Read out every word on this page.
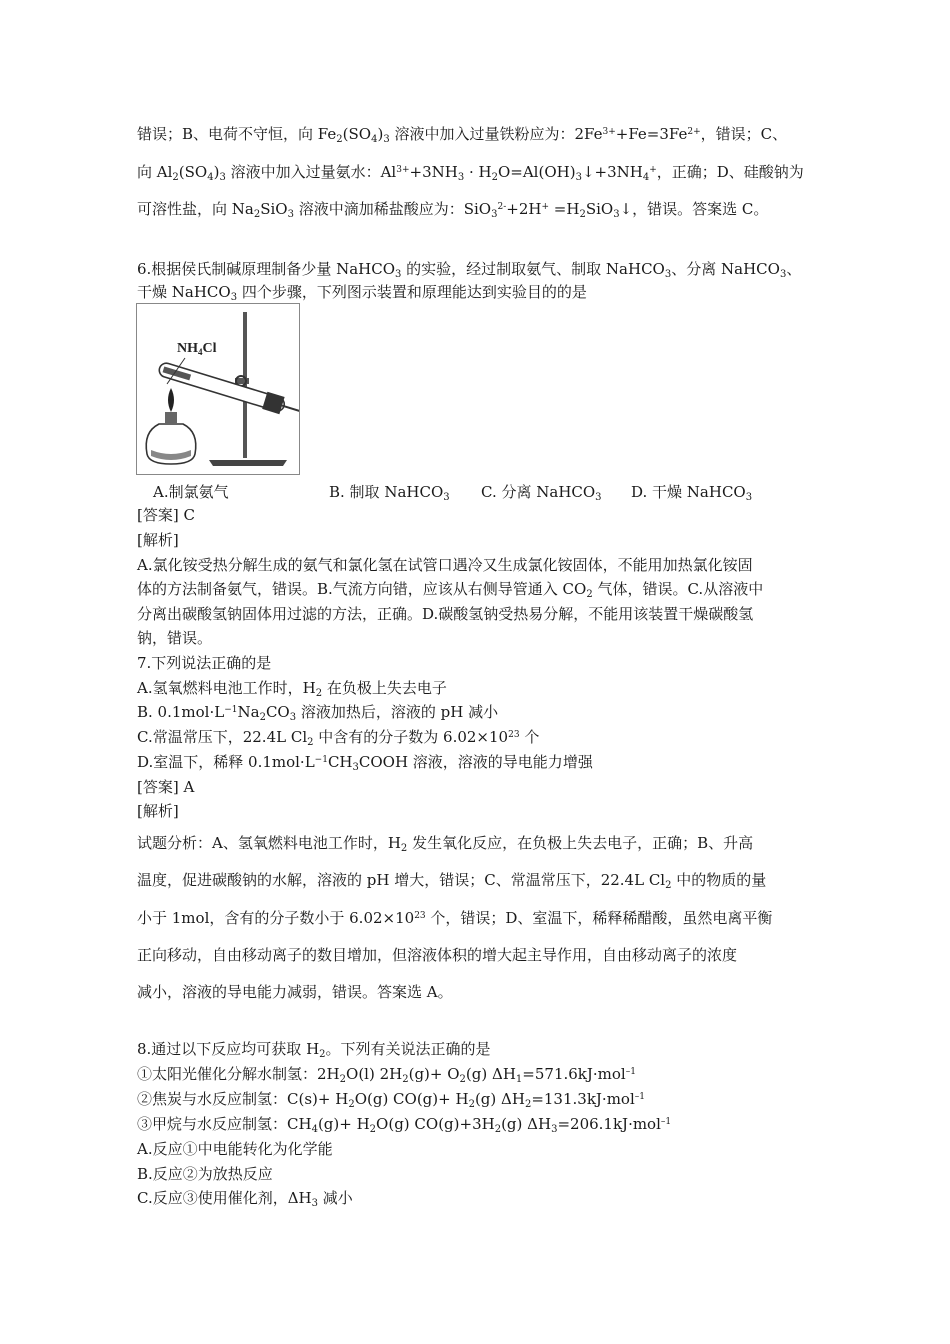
错误；B、电荷不守恒，向 $Fe_2(SO_4)_3$ 溶液中加入过量铁粉应为：$2Fe^{3+}+Fe=3Fe^{2+}$，错误；C、
向 $Al_2(SO_4)_3$ 溶液中加入过量氨水：$Al^{3+}+3NH_3$ · $H_2O=Al(OH)_3↓+3NH_4^+$，正确；D、硅酸钠为
可溶性盐，向 $Na_2SiO_3$ 溶液中滴加稀盐酸应为：$SiO_3^{2-}+2H^+ =H_2SiO_3↓$，错误。答案选 C。
6.根据侯氏制碱原理制备少量 NaHCO$_3$ 的实验，经过制取氨气、制取 NaHCO$_3$、分离 NaHCO$_3$、
干燥 NaHCO$_3$ 四个步骤，下列图示装置和原理能达到实验目的的是
$NH_4Cl$
A.制氯氨气	B. 制取 NaHCO$_3$ C. 分离 NaHCO$_3$ D. 干燥 NaHCO$_3$
[答案] C
[解析]
A.氯化铵受热分解生成的氨气和氯化氢在试管口遇冷又生成氯化铵固体，不能用加热氯化铵固
体的方法制备氨气，错误。B.气流方向错，应该从右侧导管通入 $CO_2$ 气体，错误。C.从溶液中
分离出碳酸氢钠固体用过滤的方法，正确。D.碳酸氢钠受热易分解，不能用该装置干燥碳酸氢
钠，错误。
7.下列说法正确的是
A.氢氧燃料电池工作时，$H_2$ 在负极上失去电子
B. $0.1mol\cdot L^{-1}Na_2CO_3$ 溶液加热后，溶液的 pH 减小
C.常温常压下，22.4L $Cl_2$ 中含有的分子数为 $6.02\times 10^{23}$ 个
D.室温下，稀释 $0.1mol\cdot L^{-1}CH_3COOH$ 溶液，溶液的导电能力增强
[答案] A
[解析]
试题分析：A、氢氧燃料电池工作时，$H_2$ 发生氧化反应，在负极上失去电子，正确；B、升高
温度，促进碳酸钠的水解，溶液的 pH 增大，错误；C、常温常压下，22.4L $Cl_2$ 中的物质的量
小于 1mol，含有的分子数小于 $6.02\times 10^{23}$ 个，错误；D、室温下，稀释稀醋酸，虽然电离平衡
正向移动，自由移动离子的数目增加，但溶液体积的增大起主导作用，自由移动离子的浓度
减小，溶液的导电能力减弱，错误。答案选 A。
8.通过以下反应均可获取 $H_2$。下列有关说法正确的是
①太阳光催化分解水制氢：$2H_2O(l)$ $2H_2(g)+ O_2(g)$ $\Delta H_1=571.6kJ\cdot mol^{-1}$
②焦炭与水反应制氢：$C(s)+ H_2O(g)$ $CO(g)+ H_2(g)$ $\Delta H_2=131.3kJ\cdot mol^{-1}$
③甲烷与水反应制氢：$CH_4(g)+ H_2O(g)$ $CO(g)+3H_2(g)$ $\Delta H_3=206.1kJ\cdot mol^{-1}$
A.反应①中电能转化为化学能
B.反应②为放热反应
C.反应③使用催化剂，$\Delta H_3$ 减小
